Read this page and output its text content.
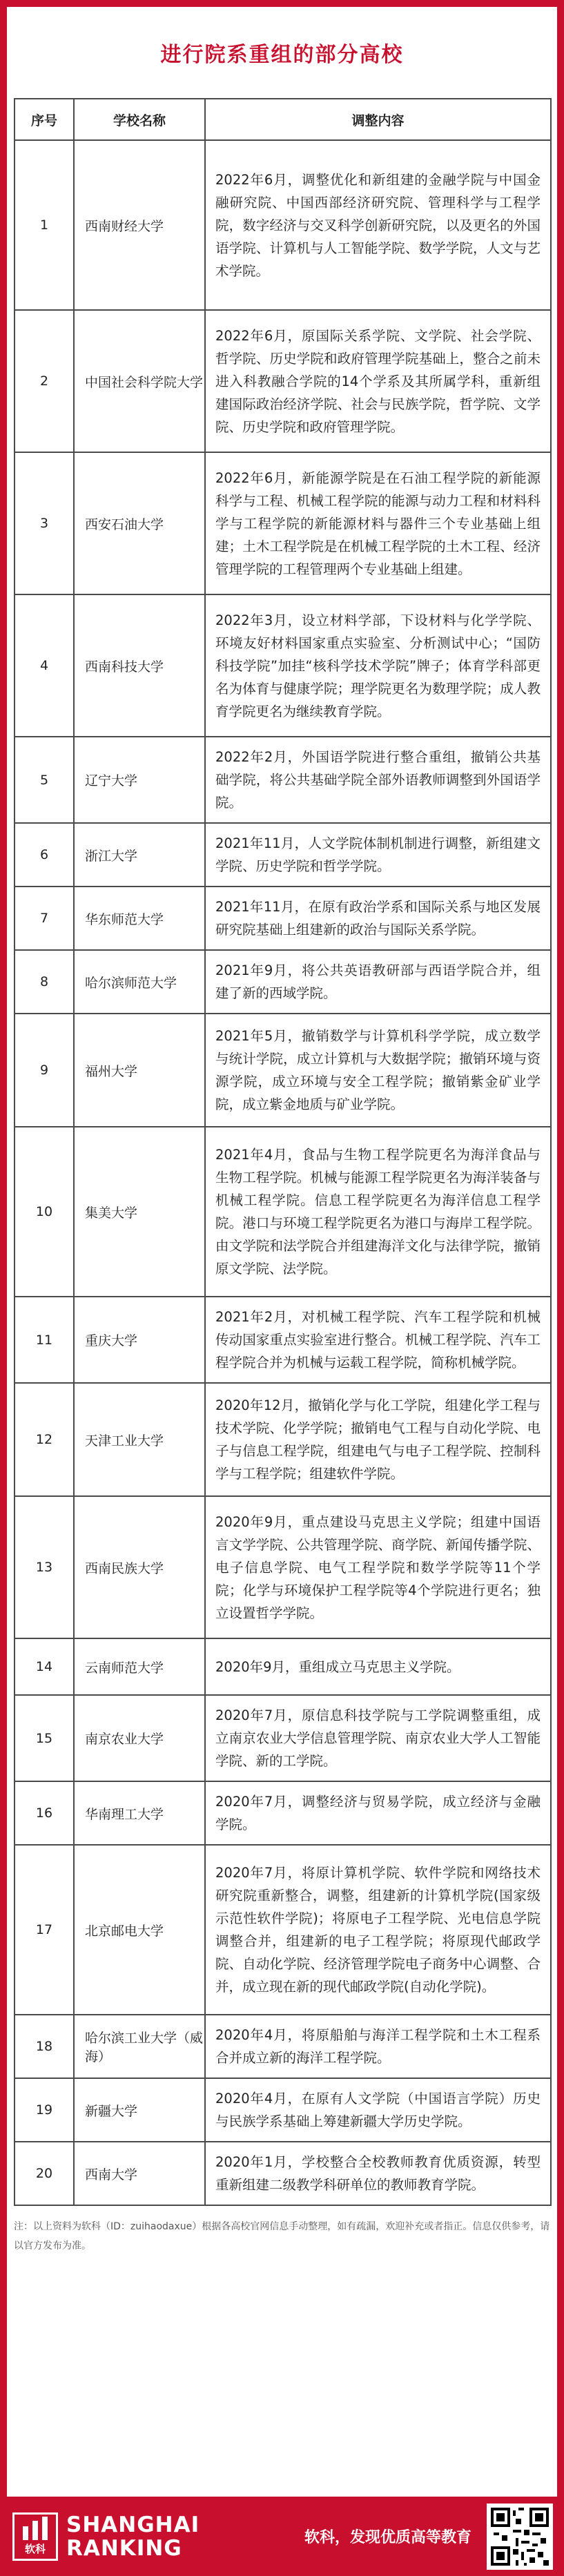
进行院系重组的部分高校
序号	学校名称	调整内容
1	西南财经大学	2022年6月，调整优化和新组建的金融学院与中国金融研究院、中国西部经济研究院、管理科学与工程学院，数字经济与交叉科学创新研究院，以及更名的外国语学院、计算机与人工智能学院、数学学院，人文与艺术学院。
2	中国社会科学院大学	2022年6月，原国际关系学院、文学院、社会学院、哲学院、历史学院和政府管理学院基础上，整合之前未进入科教融合学院的14个学系及其所属学科，重新组建国际政治经济学院、社会与民族学院，哲学院、文学院、历史学院和政府管理学院。
3	西安石油大学	2022年6月，新能源学院是在石油工程学院的新能源科学与工程、机械工程学院的能源与动力工程和材料科学与工程学院的新能源材料与器件三个专业基础上组建；土木工程学院是在机械工程学院的土木工程、经济管理学院的工程管理两个专业基础上组建。
4	西南科技大学	2022年3月，设立材料学部，下设材料与化学学院、环境友好材料国家重点实验室、分析测试中心；“国防科技学院”加挂“核科学技术学院”牌子；体育学科部更名为体育与健康学院；理学院更名为数理学院；成人教育学院更名为继续教育学院。
5	辽宁大学	2022年2月，外国语学院进行整合重组，撤销公共基础学院，将公共基础学院全部外语教师调整到外国语学院。
6	浙江大学	2021年11月，人文学院体制机制进行调整，新组建文学院、历史学院和哲学学院。
7	华东师范大学	2021年11月，在原有政治学系和国际关系与地区发展研究院基础上组建新的政治与国际关系学院。
8	哈尔滨师范大学	2021年9月，将公共英语教研部与西语学院合并，组建了新的西域学院。
9	福州大学	2021年5月，撤销数学与计算机科学学院，成立数学与统计学院，成立计算机与大数据学院；撤销环境与资源学院，成立环境与安全工程学院；撤销紫金矿业学院，成立紫金地质与矿业学院。
10	集美大学	2021年4月，食品与生物工程学院更名为海洋食品与生物工程学院。机械与能源工程学院更名为海洋装备与机械工程学院。信息工程学院更名为海洋信息工程学院。港口与环境工程学院更名为港口与海岸工程学院。由文学院和法学院合并组建海洋文化与法律学院，撤销原文学院、法学院。
11	重庆大学	2021年2月，对机械工程学院、汽车工程学院和机械传动国家重点实验室进行整合。机械工程学院、汽车工程学院合并为机械与运载工程学院，简称机械学院。
12	天津工业大学	2020年12月，撤销化学与化工学院，组建化学工程与技术学院、化学学院；撤销电气工程与自动化学院、电子与信息工程学院，组建电气与电子工程学院、控制科学与工程学院；组建软件学院。
13	西南民族大学	2020年9月，重点建设马克思主义学院；组建中国语言文学学院、公共管理学院、商学院、新闻传播学院、电子信息学院、电气工程学院和数学学院等11个学院；化学与环境保护工程学院等4个学院进行更名；独立设置哲学学院。
14	云南师范大学	2020年9月，重组成立马克思主义学院。
15	南京农业大学	2020年7月，原信息科技学院与工学院调整重组，成立南京农业大学信息管理学院、南京农业大学人工智能学院、新的工学院。
16	华南理工大学	2020年7月，调整经济与贸易学院，成立经济与金融学院。
17	北京邮电大学	2020年7月，将原计算机学院、软件学院和网络技术研究院重新整合，调整，组建新的计算机学院(国家级示范性软件学院)；将原电子工程学院、光电信息学院调整合并，组建新的电子工程学院；将原现代邮政学院、自动化学院、经济管理学院电子商务中心调整、合并，成立现在新的现代邮政学院(自动化学院)。
18	哈尔滨工业大学（威海）	2020年4月，将原船舶与海洋工程学院和土木工程系合并成立新的海洋工程学院。
19	新疆大学	2020年4月，在原有人文学院（中国语言学院）历史与民族学系基础上筹建新疆大学历史学院。
20	西南大学	2020年1月，学校整合全校教师教育优质资源，转型重新组建二级教学科研单位的教师教育学院。
注：以上资料为软科（ID：zuihaodaxue）根据各高校官网信息手动整理，如有疏漏，欢迎补充或者指正。信息仅供参考，请以官方发布为准。
软科
SHANGHAI
RANKING	软科，发现优质高等教育
